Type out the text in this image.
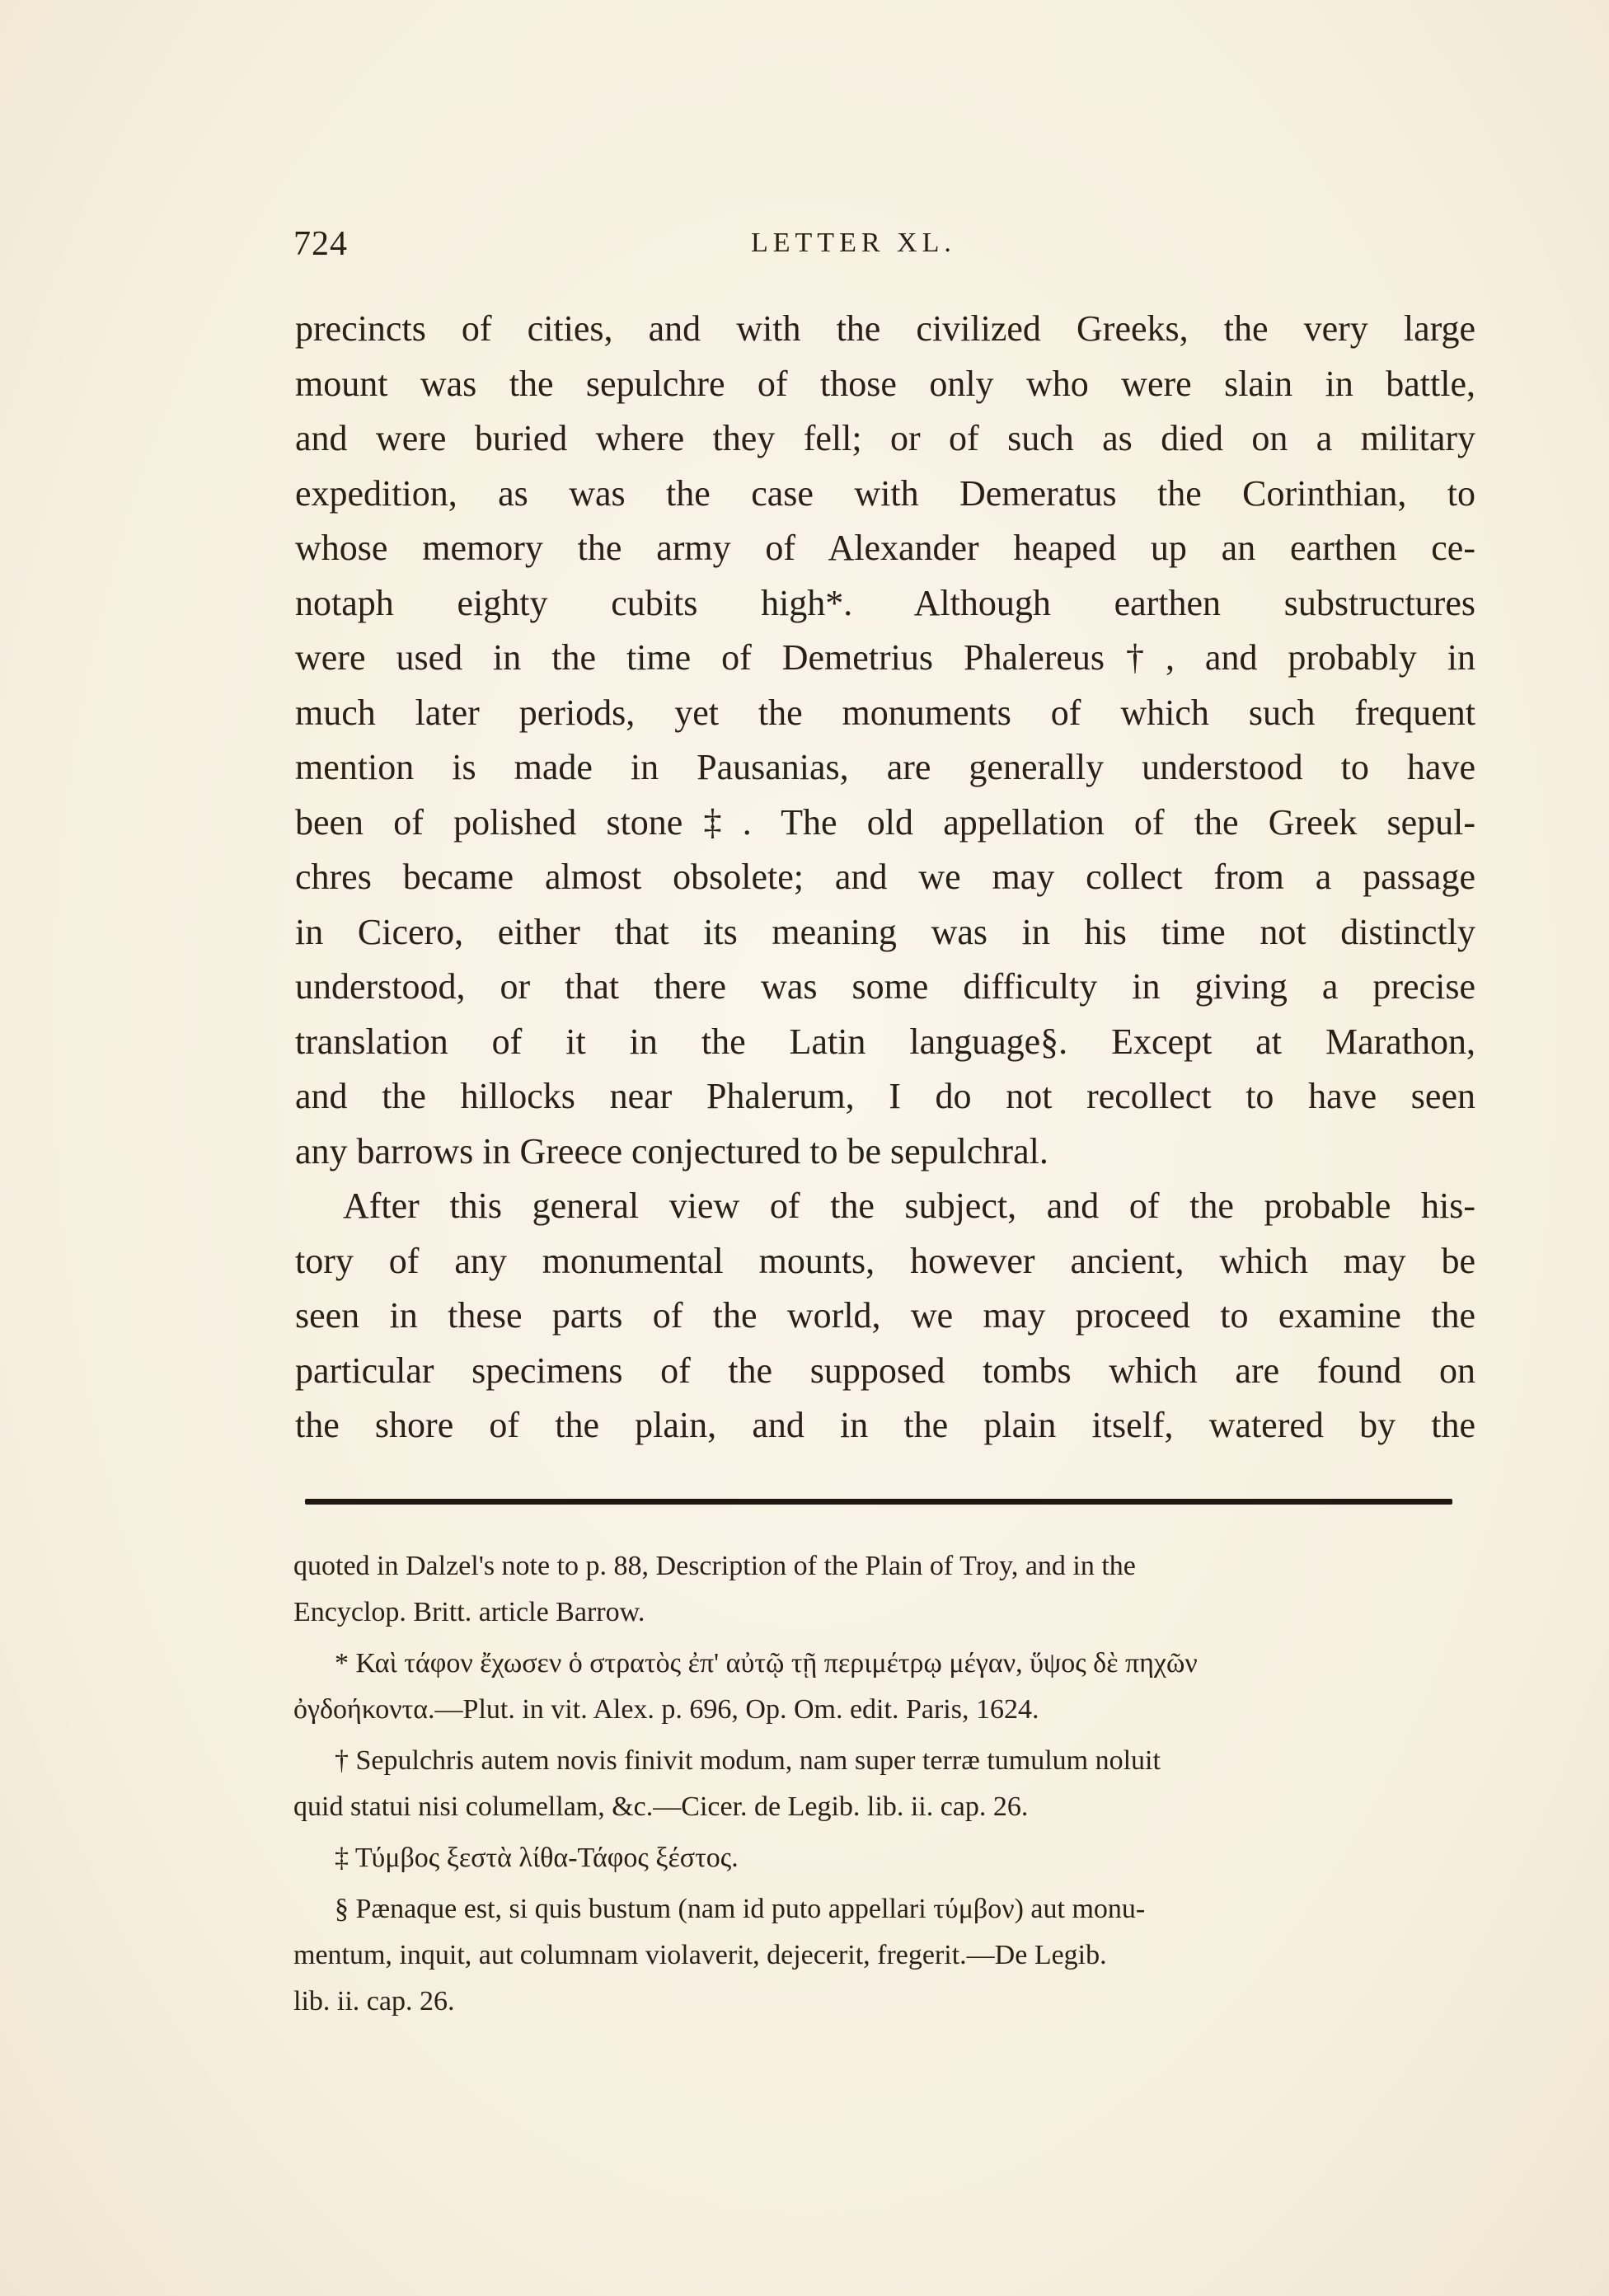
724	LETTER XL.
precincts of cities, and with the civilized Greeks, the very large
mount was the sepulchre of those only who were slain in battle,
and were buried where they fell; or of such as died on a military
expedition, as was the case with Demeratus the Corinthian, to
whose memory the army of Alexander heaped up an earthen ce-
notaph eighty cubits high*. Although earthen substructures
were used in the time of Demetrius Phalereus†, and probably in
much later periods, yet the monuments of which such frequent
mention is made in Pausanias, are generally understood to have
been of polished stone‡. The old appellation of the Greek sepul-
chres became almost obsolete; and we may collect from a passage
in Cicero, either that its meaning was in his time not distinctly
understood, or that there was some difficulty in giving a precise
translation of it in the Latin language§. Except at Marathon,
and the hillocks near Phalerum, I do not recollect to have seen
any barrows in Greece conjectured to be sepulchral.
After this general view of the subject, and of the probable his-
tory of any monumental mounts, however ancient, which may be
seen in these parts of the world, we may proceed to examine the
particular specimens of the supposed tombs which are found on
the shore of the plain, and in the plain itself, watered by the
quoted in Dalzel's note to p. 88, Description of the Plain of Troy, and in the
Encyclop. Britt. article Barrow.
* Καὶ τάφον ἔχωσεν ὁ στρατὸς ἐπ' αὐτῷ τῇ περιμέτρῳ μέγαν, ὕψος δὲ πηχῶν
ὀγδοήκοντα.—Plut. in vit. Alex. p. 696, Op. Om. edit. Paris, 1624.
† Sepulchris autem novis finivit modum, nam super terræ tumulum noluit
quid statui nisi columellam, &c.—Cicer. de Legib. lib. ii. cap. 26.
‡ Τύμβος ξεστὰ λίθα-Τάφος ξέστος.
§ Pænaque est, si quis bustum (nam id puto appellari τύμβον) aut monu-
mentum, inquit, aut columnam violaverit, dejecerit, fregerit.—De Legib.
lib. ii. cap. 26.
